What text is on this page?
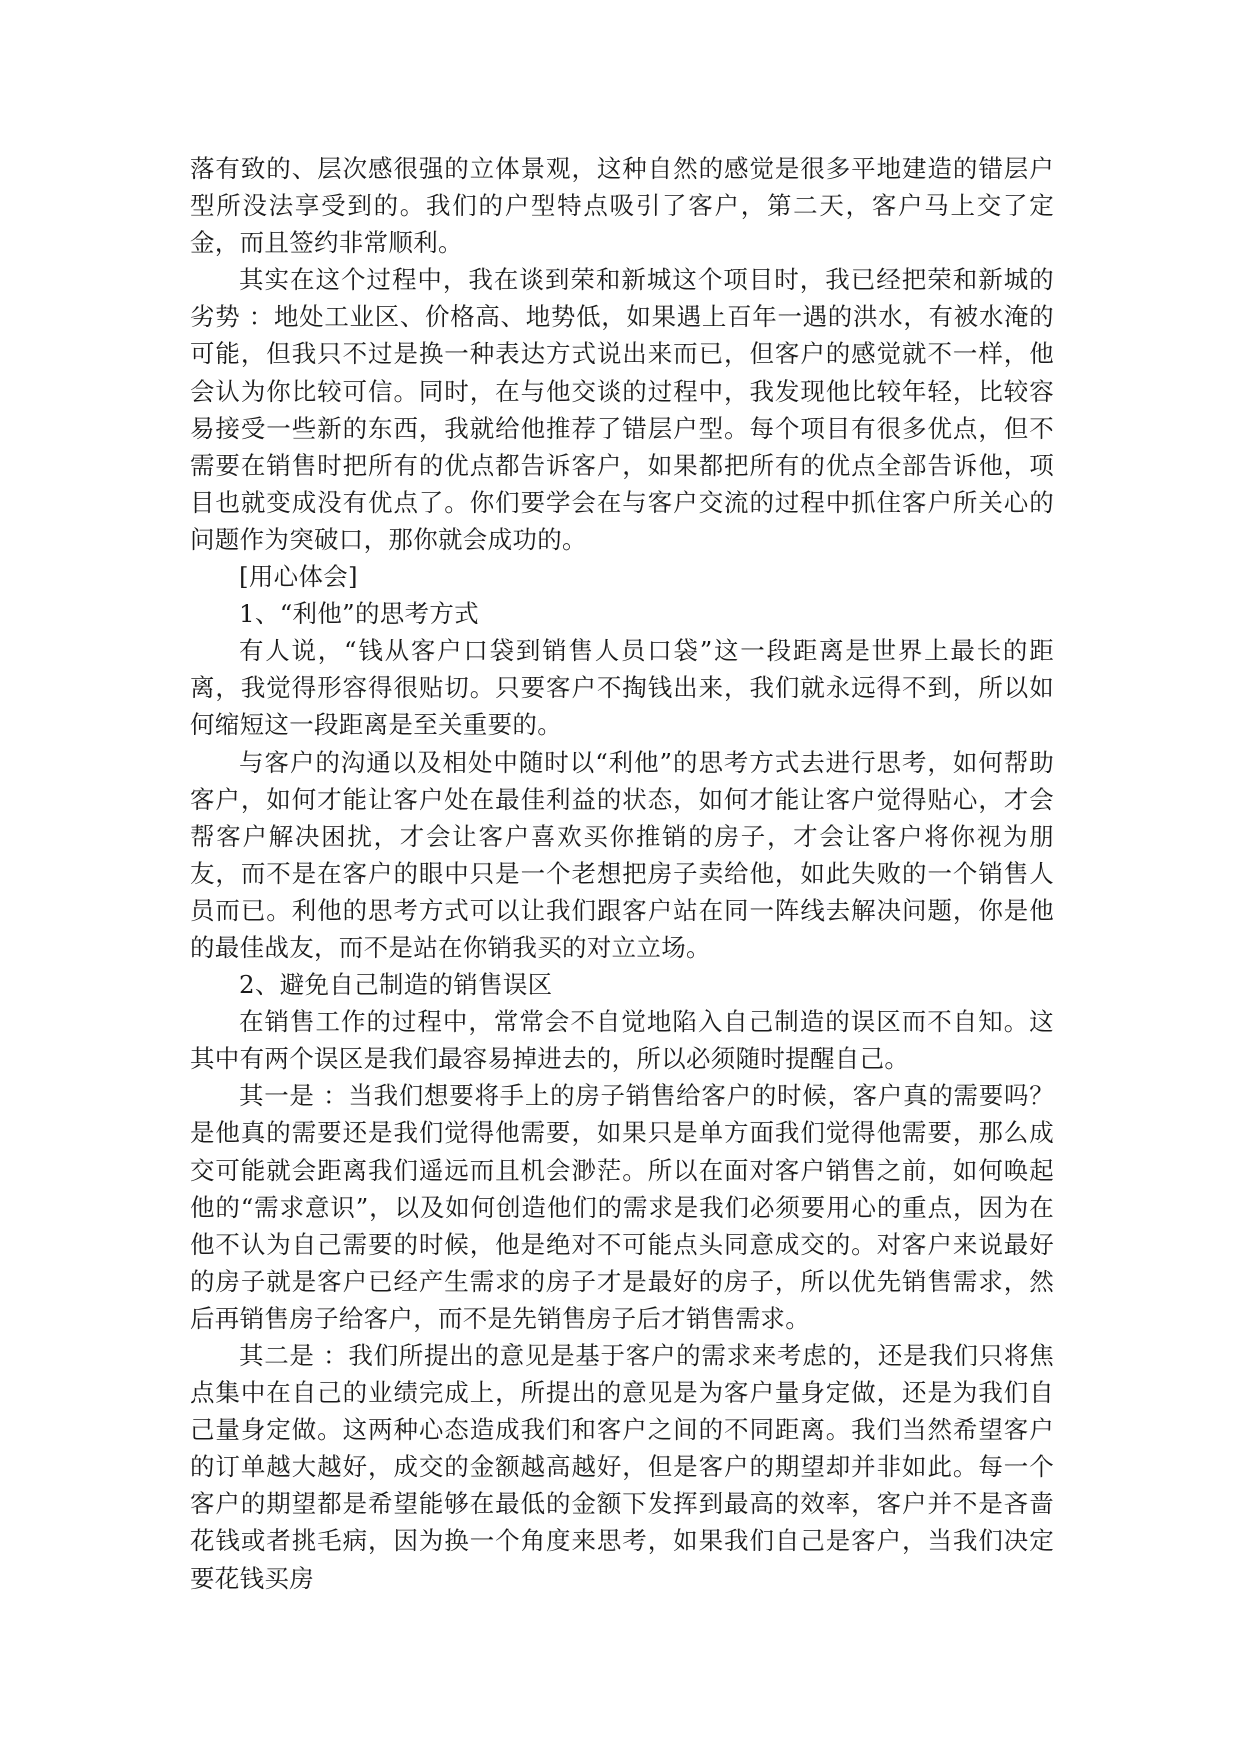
落有致的、层次感很强的立体景观，这种自然的感觉是很多平地建造的错层户型所没法享受到的。我们的户型特点吸引了客户，第二天，客户马上交了定金，而且签约非常顺利。

其实在这个过程中，我在谈到荣和新城这个项目时，我已经把荣和新城的劣势 ：地处工业区、价格高、地势低，如果遇上百年一遇的洪水，有被水淹的可能，但我只不过是换一种表达方式说出来而已，但客户的感觉就不一样，他会认为你比较可信。同时，在与他交谈的过程中，我发现他比较年轻，比较容易接受一些新的东西，我就给他推荐了错层户型。每个项目有很多优点，但不需要在销售时把所有的优点都告诉客户，如果都把所有的优点全部告诉他，项目也就变成没有优点了。你们要学会在与客户交流的过程中抓住客户所关心的问题作为突破口，那你就会成功的。

[用心体会]

1、“利他”的思考方式

有人说，“钱从客户口袋到销售人员口袋”这一段距离是世界上最长的距离，我觉得形容得很贴切。只要客户不掏钱出来，我们就永远得不到，所以如何缩短这一段距离是至关重要的。

与客户的沟通以及相处中随时以“利他”的思考方式去进行思考，如何帮助客户，如何才能让客户处在最佳利益的状态，如何才能让客户觉得贴心，才会帮客户解决困扰，才会让客户喜欢买你推销的房子，才会让客户将你视为朋友，而不是在客户的眼中只是一个老想把房子卖给他，如此失败的一个销售人员而已。利他的思考方式可以让我们跟客户站在同一阵线去解决问题，你是他的最佳战友，而不是站在你销我买的对立立场。

2、避免自己制造的销售误区

在销售工作的过程中，常常会不自觉地陷入自己制造的误区而不自知。这其中有两个误区是我们最容易掉进去的，所以必须随时提醒自己。

其一是 ：当我们想要将手上的房子销售给客户的时候，客户真的需要吗？是他真的需要还是我们觉得他需要，如果只是单方面我们觉得他需要，那么成交可能就会距离我们遥远而且机会渺茫。所以在面对客户销售之前，如何唤起他的“需求意识”，以及如何创造他们的需求是我们必须要用心的重点，因为在他不认为自己需要的时候，他是绝对不可能点头同意成交的。对客户来说最好的房子就是客户已经产生需求的房子才是最好的房子，所以优先销售需求，然后再销售房子给客户，而不是先销售房子后才销售需求。

其二是 ：我们所提出的意见是基于客户的需求来考虑的，还是我们只将焦点集中在自己的业绩完成上，所提出的意见是为客户量身定做，还是为我们自己量身定做。这两种心态造成我们和客户之间的不同距离。我们当然希望客户的订单越大越好，成交的金额越高越好，但是客户的期望却并非如此。每一个客户的期望都是希望能够在最低的金额下发挥到最高的效率，客户并不是吝啬花钱或者挑毛病，因为换一个角度来思考，如果我们自己是客户，当我们决定要花钱买房
